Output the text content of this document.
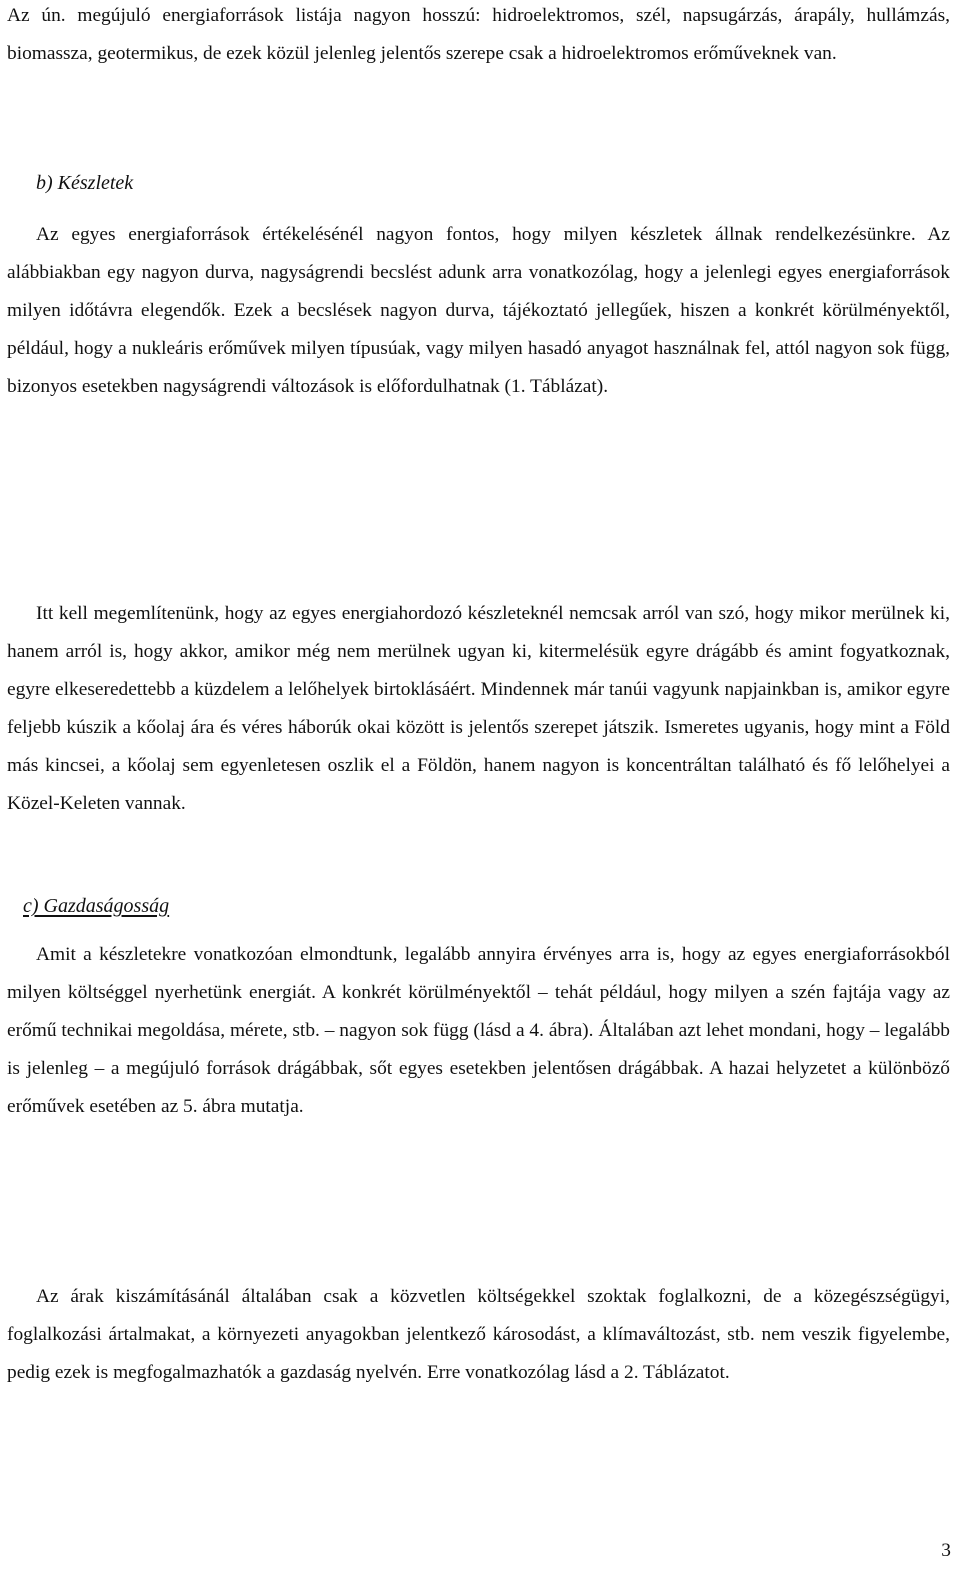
Az ún. megújuló energiaforrások listája nagyon hosszú: hidroelektromos, szél, napsugárzás, árapály, hullámzás, biomassza, geotermikus, de ezek közül jelenleg jelentős szerepe csak a hidroelektromos erőműveknek van.

b) Készletek

Az egyes energiaforrások értékelésénél nagyon fontos, hogy milyen készletek állnak rendelkezésünkre. Az alábbiakban egy nagyon durva, nagyságrendi becslést adunk arra vonatkozólag, hogy a jelenlegi egyes energiaforrások milyen időtávra elegendők. Ezek a becslések nagyon durva, tájékoztató jellegűek, hiszen a konkrét körülményektől, például, hogy a nukleáris erőművek milyen típusúak, vagy milyen hasadó anyagot használnak fel, attól nagyon sok függ, bizonyos esetekben nagyságrendi változások is előfordulhatnak (1. Táblázat).

Itt kell megemlítenünk, hogy az egyes energiahordozó készleteknél nemcsak arról van szó, hogy mikor merülnek ki, hanem arról is, hogy akkor, amikor még nem merülnek ugyan ki, kitermelésük egyre drágább és amint fogyatkoznak, egyre elkeseredettebb a küzdelem a lelőhelyek birtoklásáért. Mindennek már tanúi vagyunk napjainkban is, amikor egyre feljebb kúszik a kőolaj ára és véres háborúk okai között is jelentős szerepet játszik. Ismeretes ugyanis, hogy mint a Föld más kincsei, a kőolaj sem egyenletesen oszlik el a Földön, hanem nagyon is koncentráltan található és fő lelőhelyei a Közel-Keleten vannak.

c) Gazdaságosság

Amit a készletekre vonatkozóan elmondtunk, legalább annyira érvényes arra is, hogy az egyes energiaforrásokból milyen költséggel nyerhetünk energiát. A konkrét körülményektől – tehát például, hogy milyen a szén fajtája vagy az erőmű technikai megoldása, mérete, stb. – nagyon sok függ (lásd a 4. ábra). Általában azt lehet mondani, hogy – legalább is jelenleg – a megújuló források drágábbak, sőt egyes esetekben jelentősen drágábbak. A hazai helyzetet a különböző erőművek esetében az 5. ábra mutatja.

Az árak kiszámításánál általában csak a közvetlen költségekkel szoktak foglalkozni, de a közegészségügyi, foglalkozási ártalmakat, a környezeti anyagokban jelentkező károsodást, a klímaváltozást, stb. nem veszik figyelembe, pedig ezek is megfogalmazhatók a gazdaság nyelvén. Erre vonatkozólag lásd a 2. Táblázatot.

3
